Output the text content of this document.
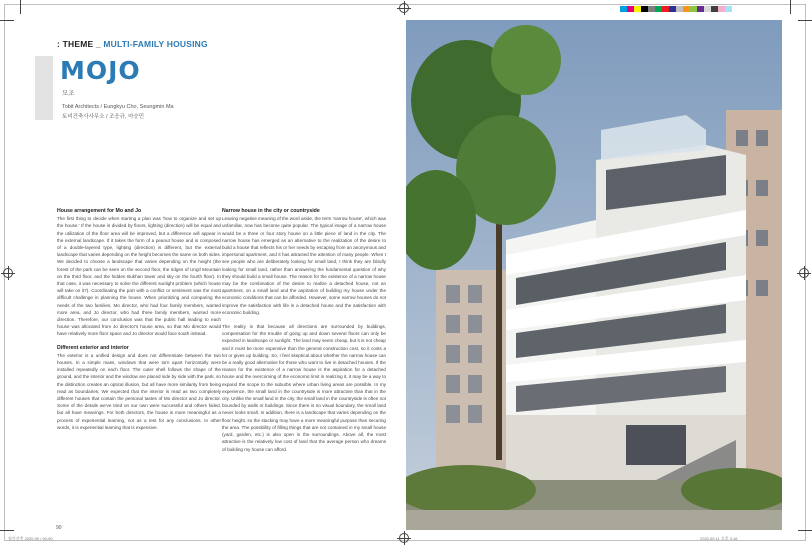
: THEME _ MULTI-FAMILY HOUSING
MOJO
모조
Tobit Architects / Eungkyu Cho, Seungmin Ma
토비건축사사무소 / 조응규, 마승민
House arrangement for Mo and Jo

The first thing to decide when starting a plan was 'how to organize and set up the house.' If the house is divided by floors, lighting (direction) will be equal and the utilization of the floor area will be improved, but a difference will appear in the external landscape. If it takes the form of a peanut house and is composed of a double-layered type, lighting (direction) is different, but the external landscape that varies depending on the height becomes the same on both sides. We decided to choose a landscape that varies depending on the height (the forest of the park can be seen on the second floor, the ridges of Ungil Mountain on the third floor, and the hidden Bukhan tower and sky on the fourth floor). In that case, it was necessary to solve the different sunlight problem (which house will take on it?). Coordinating the part with a conflict or sentiment was the most difficult challenge in planning the house. When prioritizing and comparing the needs of the two families, Mo director, who had four family members, wanted more area, and Jo director, who had three family members, wanted more direction. Therefore, our conclusion was that the public hall leading to each house was allocated from Jo director's house area, so that Mo director would have relatively more floor space and Jo director would face south instead.

Different exterior and interior

The exterior is a unified design and does not differentiate between the two houses. In a simple mass, windows that were torn apart horizontally were installed repeatedly on each floor. The outer shell follows the shape of the ground, and the interior and the window are placed side by side with the park, so the distinction creates an optical illusion, but all have more similarity from being read as boundaries. We expected that the interior is read as two completely different houses that contain the personal tastes of Mo director and Jo director. Some of the details we've tried on our own were successful and others failed, but all have meanings. For both directors, the house is more meaningful as a process of experiential learning, not as a test for any conclusions. In other words, it is experiential learning that is expensive.

Narrow house in the city or countryside

Leaving negative meaning of the word aside, the term 'narrow house', which was unfamiliar, now has become quite popular. The typical image of a narrow house would be a three or four story house on a little piece of land in the city. The narrow house has emerged as an alternative to the realization of the desire to build a house that reflects his or her needs by escaping from an anonymous and impersonal apartment, and it has attracted the attention of many people. When I see people who are deliberately looking for small land, I think they are blindly looking for small land, rather than answering the fundamental question of why they should build a small house. The reason for the existence of a narrow house may be the combination of the desire to realize a detached house, not an apartment, on a small land and the aspiration of building my house under the economic conditions that can be afforded. However, some narrow houses do not improve the satisfaction with life in a detached house and the satisfaction with economic building.

The reality is that because all directions are surrounded by buildings, compensation for the trouble of going up and down several floors can only be expected in landscape or sunlight. The land may seem cheap, but it is not cheap and it must be more expensive than the general construction cost, so it costs a lot or gives up building. So, I feel skeptical about whether the narrow house can be a really good alternative for those who want to live in detached houses. If the reason for the existence of a narrow house is the aspiration for a detached house and the overcoming of the economic limit in realizing it, it may be a way to expand the scope to the suburbs where urban living areas are possible. In my experience, the small land in the countryside is more attractive than that in the city. Unlike the small land in the city, the small land in the countryside is often not bounded by walls or buildings. Since there is no visual boundary, the small land never looks small. In addition, there is a landscape that varies depending on the floor height, so the stacking may have a more meaningful purpose than securing the area. The possibility of filling things that are not contained in my small house (yard, garden, etc.) is also open in the surroundings. Above all, the most attractive is the relatively low cost of land that the average person who dreams of building my house can afford.

90
월간건축 2020.09 / 90-90	2020.09.11 오후 3:16
